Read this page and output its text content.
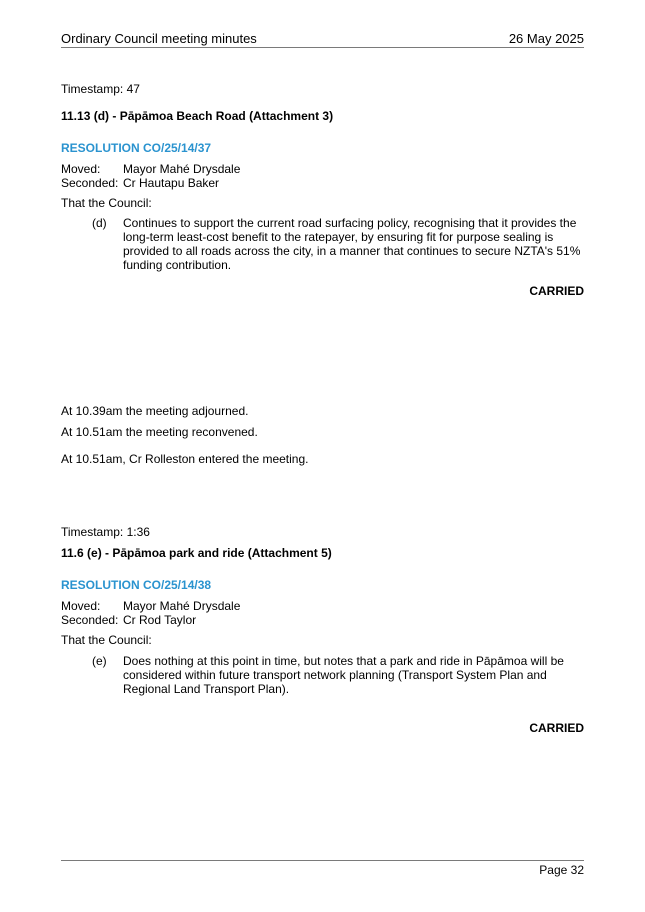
Ordinary Council meeting minutes	26 May 2025
Timestamp: 47
11.13 (d) - Pāpāmoa Beach Road (Attachment 3)
RESOLUTION CO/25/14/37
Moved: Mayor Mahé Drysdale
Seconded: Cr Hautapu Baker
That the Council:
(d) Continues to support the current road surfacing policy, recognising that it provides the long-term least-cost benefit to the ratepayer, by ensuring fit for purpose sealing is provided to all roads across the city, in a manner that continues to secure NZTA's 51% funding contribution.
CARRIED
At 10.39am the meeting adjourned.
At 10.51am the meeting reconvened.
At 10.51am, Cr Rolleston entered the meeting.
Timestamp: 1:36
11.6 (e) - Pāpāmoa park and ride (Attachment 5)
RESOLUTION CO/25/14/38
Moved: Mayor Mahé Drysdale
Seconded: Cr Rod Taylor
That the Council:
(e) Does nothing at this point in time, but notes that a park and ride in Pāpāmoa will be considered within future transport network planning (Transport System Plan and Regional Land Transport Plan).
CARRIED
Page 32
